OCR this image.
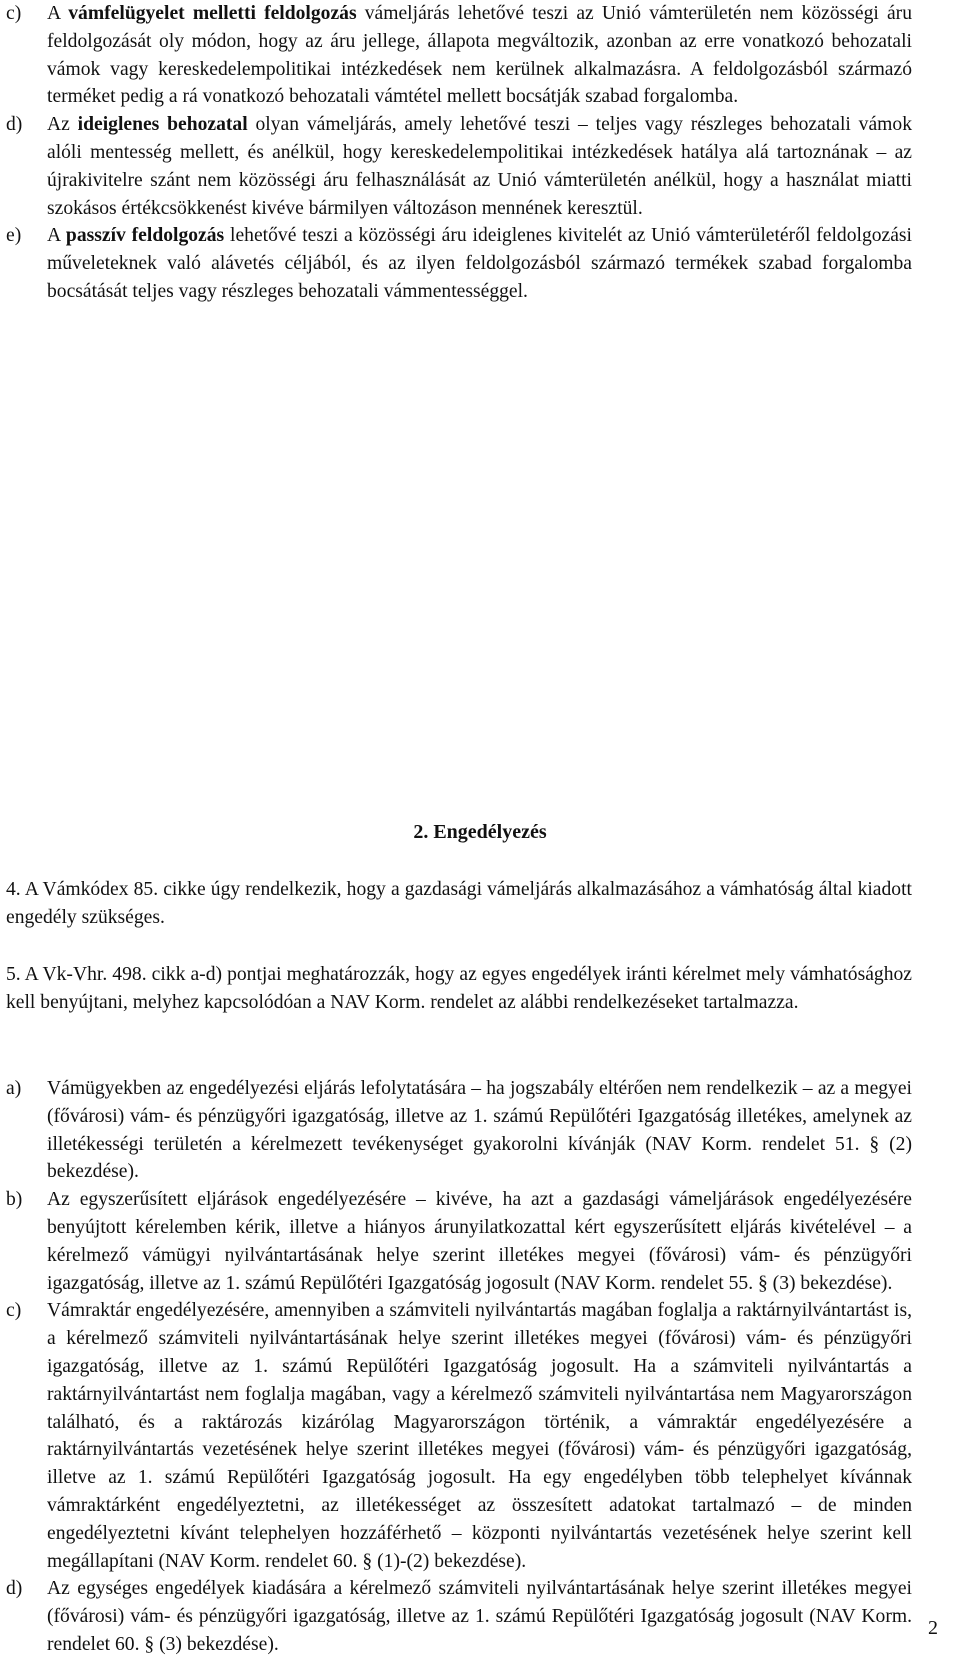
c)	A vámfelügyelet melletti feldolgozás vámeljárás lehetővé teszi az Unió vámterületén nem közösségi áru feldolgozását oly módon, hogy az áru jellege, állapota megváltozik, azonban az erre vonatkozó behozatali vámok vagy kereskedelempolitikai intézkedések nem kerülnek alkalmazásra. A feldolgozásból származó terméket pedig a rá vonatkozó behozatali vámtétel mellett bocsátják szabad forgalomba.
d)	Az ideiglenes behozatal olyan vámeljárás, amely lehetővé teszi – teljes vagy részleges behozatali vámok alóli mentesség mellett, és anélkül, hogy kereskedelempolitikai intézkedések hatálya alá tartoznának – az újrakivitelre szánt nem közösségi áru felhasználását az Unió vámterületén anélkül, hogy a használat miatti szokásos értékcsökkenést kivéve bármilyen változáson mennének keresztül.
e)	A passzív feldolgozás lehetővé teszi a közösségi áru ideiglenes kivitelét az Unió vámterületéről feldolgozási műveleteknek való alávetés céljából, és az ilyen feldolgozásból származó termékek szabad forgalomba bocsátását teljes vagy részleges behozatali vámmentességgel.
2. Engedélyezés
4. A Vámkódex 85. cikke úgy rendelkezik, hogy a gazdasági vámeljárás alkalmazásához a vámhatóság által kiadott engedély szükséges.
5. A Vk-Vhr. 498. cikk a-d) pontjai meghatározzák, hogy az egyes engedélyek iránti kérelmet mely vámhatósághoz kell benyújtani, melyhez kapcsolódóan a NAV Korm. rendelet az alábbi rendelkezéseket tartalmazza.
a)	Vámügyekben az engedélyezési eljárás lefolytatására – ha jogszabály eltérően nem rendelkezik – az a megyei (fővárosi) vám- és pénzügyőri igazgatóság, illetve az 1. számú Repülőtéri Igazgatóság illetékes, amelynek az illetékességi területén a kérelmezett tevékenységet gyakorolni kívánják (NAV Korm. rendelet 51. § (2) bekezdése).
b)	Az egyszerűsített eljárások engedélyezésére – kivéve, ha azt a gazdasági vámeljárások engedélyezésére benyújtott kérelemben kérik, illetve a hiányos árunyilatkozattal kért egyszerűsített eljárás kivételével – a kérelmező vámügyi nyilvántartásának helye szerint illetékes megyei (fővárosi) vám- és pénzügyőri igazgatóság, illetve az 1. számú Repülőtéri Igazgatóság jogosult (NAV Korm. rendelet 55. § (3) bekezdése).
c)	Vámraktár engedélyezésére, amennyiben a számviteli nyilvántartás magában foglalja a raktárnyilvántartást is, a kérelmező számviteli nyilvántartásának helye szerint illetékes megyei (fővárosi) vám- és pénzügyőri igazgatóság, illetve az 1. számú Repülőtéri Igazgatóság jogosult. Ha a számviteli nyilvántartás a raktárnyilvántartást nem foglalja magában, vagy a kérelmező számviteli nyilvántartása nem Magyarországon található, és a raktározás kizárólag Magyarországon történik, a vámraktár engedélyezésére a raktárnyilvántartás vezetésének helye szerint illetékes megyei (fővárosi) vám- és pénzügyőri igazgatóság, illetve az 1. számú Repülőtéri Igazgatóság jogosult. Ha egy engedélyben több telephelyet kívánnak vámraktárként engedélyeztetni, az illetékességet az összesített adatokat tartalmazó – de minden engedélyeztetni kívánt telephelyen hozzáférhető – központi nyilvántartás vezetésének helye szerint kell megállapítani (NAV Korm. rendelet 60. § (1)-(2) bekezdése).
d)	Az egységes engedélyek kiadására a kérelmező számviteli nyilvántartásának helye szerint illetékes megyei (fővárosi) vám- és pénzügyőri igazgatóság, illetve az 1. számú Repülőtéri Igazgatóság jogosult (NAV Korm. rendelet 60. § (3) bekezdése).
2
